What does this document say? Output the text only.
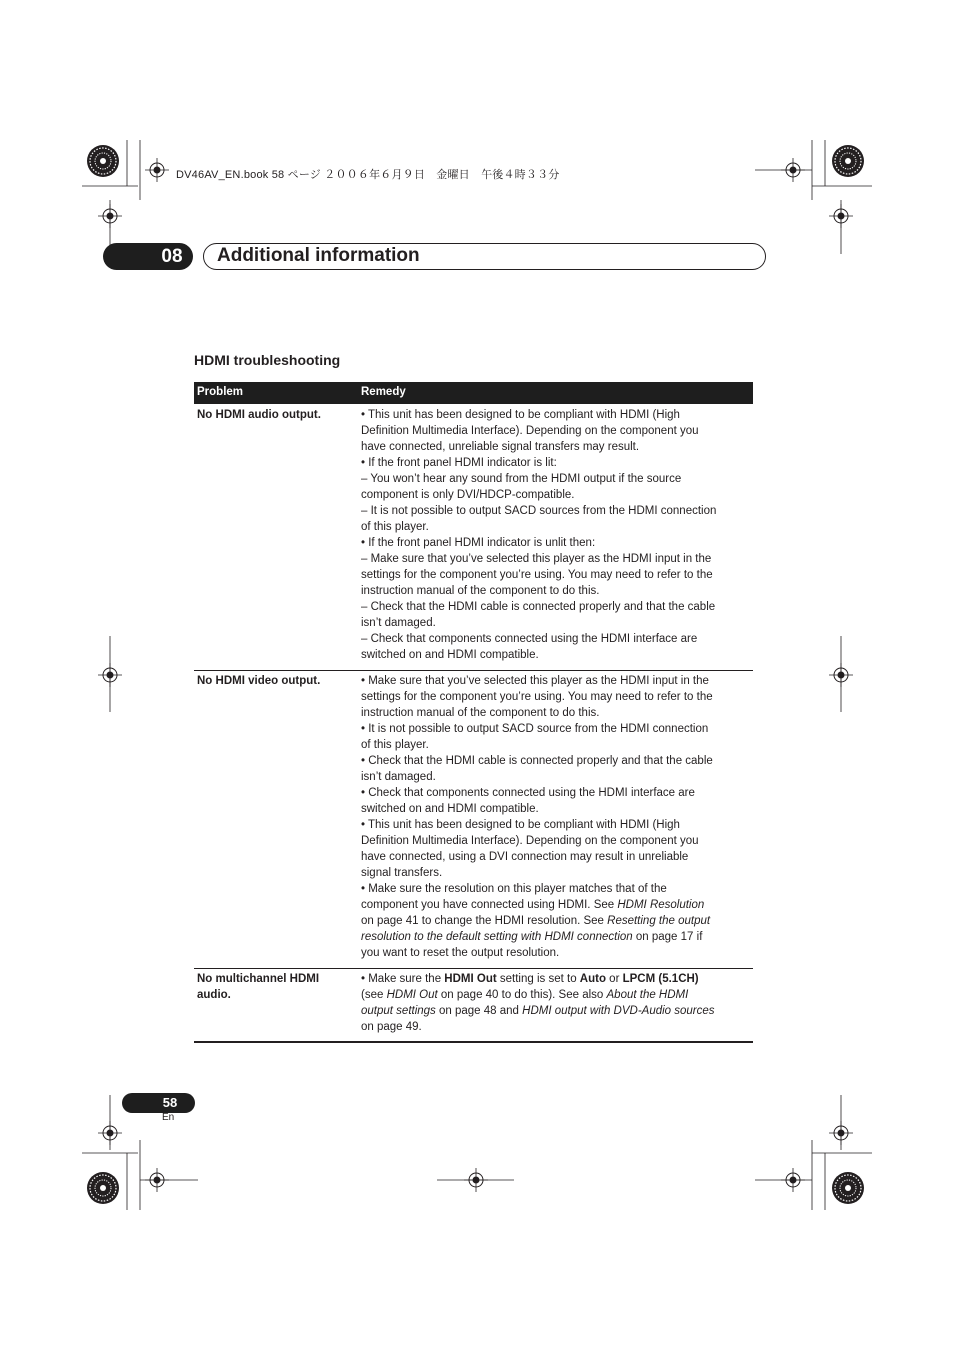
DV46AV_EN.book 58 ページ ２００６年６月９日　金曜日　午後４時３３分
08	Additional information
HDMI troubleshooting
Problem	Remedy
No HDMI audio output.	• This unit has been designed to be compliant with HDMI (High
Definition Multimedia Interface). Depending on the component you
have connected, unreliable signal transfers may result.
• If the front panel HDMI indicator is lit:
– You won’t hear any sound from the HDMI output if the source
component is only DVI/HDCP-compatible.
– It is not possible to output SACD sources from the HDMI connection
of this player.
• If the front panel HDMI indicator is unlit then:
– Make sure that you’ve selected this player as the HDMI input in the
settings for the component you’re using. You may need to refer to the
instruction manual of the component to do this.
– Check that the HDMI cable is connected properly and that the cable
isn’t damaged.
– Check that components connected using the HDMI interface are
switched on and HDMI compatible.
No HDMI video output.	• Make sure that you’ve selected this player as the HDMI input in the
settings for the component you’re using. You may need to refer to the
instruction manual of the component to do this.
• It is not possible to output SACD source from the HDMI connection
of this player.
• Check that the HDMI cable is connected properly and that the cable
isn’t damaged.
• Check that components connected using the HDMI interface are
switched on and HDMI compatible.
• This unit has been designed to be compliant with HDMI (High
Definition Multimedia Interface). Depending on the component you
have connected, using a DVI connection may result in unreliable
signal transfers.
• Make sure the resolution on this player matches that of the
component you have connected using HDMI. See HDMI Resolution
on page 41 to change the HDMI resolution. See Resetting the output
resolution to the default setting with HDMI connection on page 17 if
you want to reset the output resolution.
No multichannel HDMI
audio.
• Make sure the HDMI Out setting is set to Auto or LPCM (5.1CH)
(see HDMI Out on page 40 to do this). See also About the HDMI
output settings on page 48 and HDMI output with DVD-Audio sources
on page 49.
58
En
